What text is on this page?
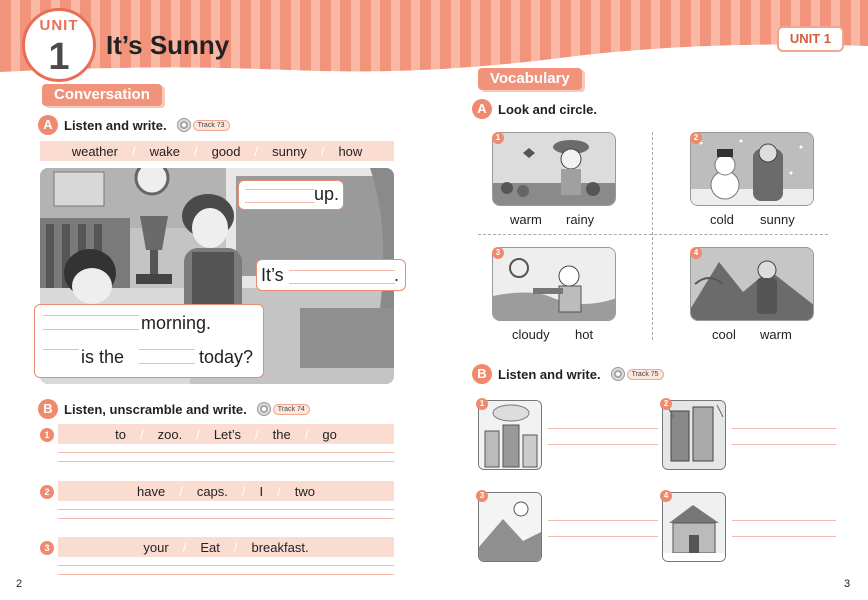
UNIT
1	It’s Sunny	UNIT 1
Conversation
A Listen and write.	Track 73
weather / wake / good / sunny / how
up.
It’s	.
morning.
is the	today?
B Listen, unscramble and write.	Track 74
1	to / zoo. / Let’s / the / go
2	have / caps. / I / two
3	your / Eat / breakfast.
2
Vocabulary
A Look and circle.
1
warm rainy
2
cold sunny
3
cloudy hot
4
cool warm
B Listen and write.	Track 75
1	2
3	4
3
